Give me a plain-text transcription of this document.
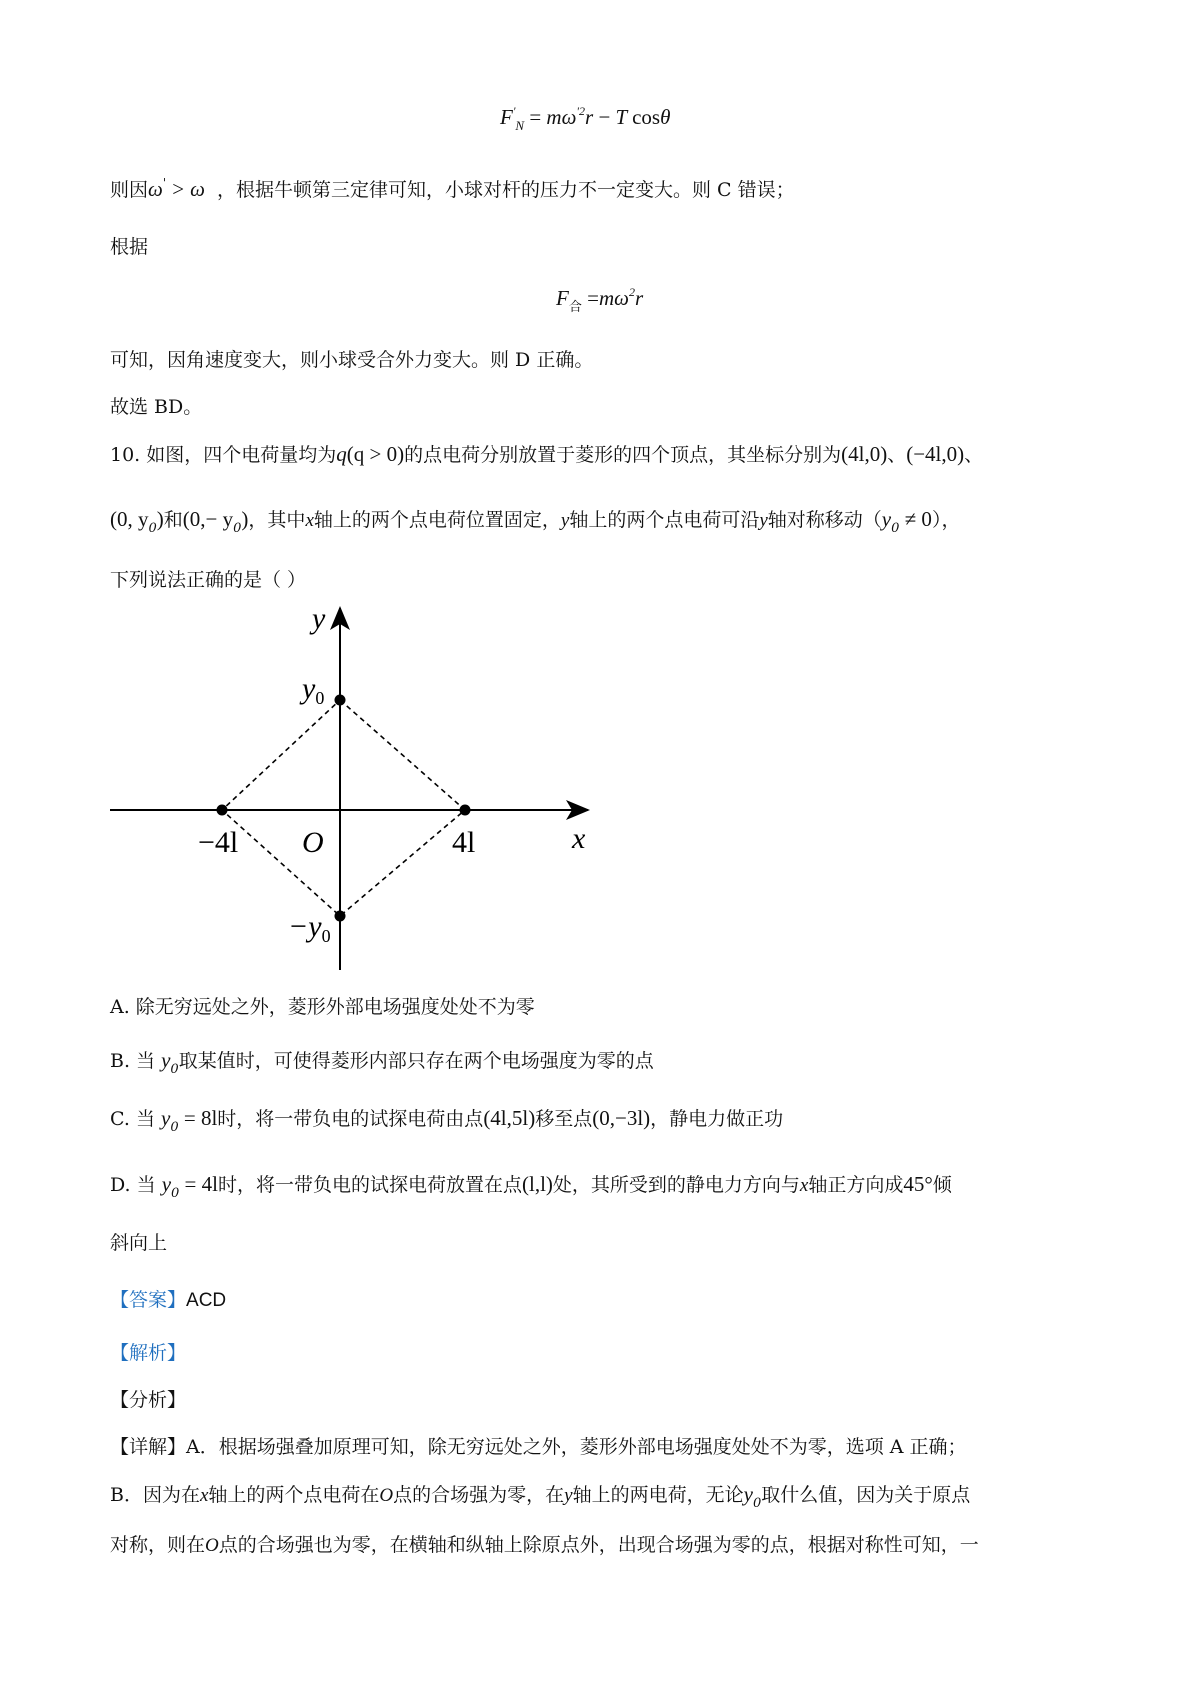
$F'_N = m\omega^{'2}r - T$ cosθ
则因ω' > ω ，根据牛顿第三定律可知，小球对杆的压力不一定变大。则 C 错误；
根据
$F_合 =m\omega^2r$
可知，因角速度变大，则小球受合外力变大。则 D 正确。
故选 BD。
10. 如图，四个电荷量均为q(q > 0)的点电荷分别放置于菱形的四个顶点，其坐标分别为(4l,0)、(−4l,0)、
(0, $y_0$)和$(0,- y_0)$，其中x轴上的两个点电荷位置固定，y轴上的两个点电荷可沿y轴对称移动$(y_0 \ne 0)$，
下列说法正确的是（ ）
y
x
$y_0$
$-y_0$
−4l O	4l
A. 除无穷远处之外，菱形外部电场强度处处不为零
B. 当 $y_0$取某值时，可使得菱形内部只存在两个电场强度为零的点
C. 当 $y_0 = 8l$时，将一带负电的试探电荷由点(4l,5l)移至点(0,−3l)，静电力做正功
D. 当 $y_0 = 4l$时，将一带负电的试探电荷放置在点(l,l)处，其所受到的静电力方向与x轴正方向成45°倾
斜向上
【答案】ACD
【解析】
【分析】
【详解】A．根据场强叠加原理可知，除无穷远处之外，菱形外部电场强度处处不为零，选项 A 正确；
B．因为在x轴上的两个点电荷在O点的合场强为零，在y轴上的两电荷，无论$y_0$取什么值，因为关于原点
对称，则在O点的合场强也为零，在横轴和纵轴上除原点外，出现合场强为零的点，根据对称性可知，一
